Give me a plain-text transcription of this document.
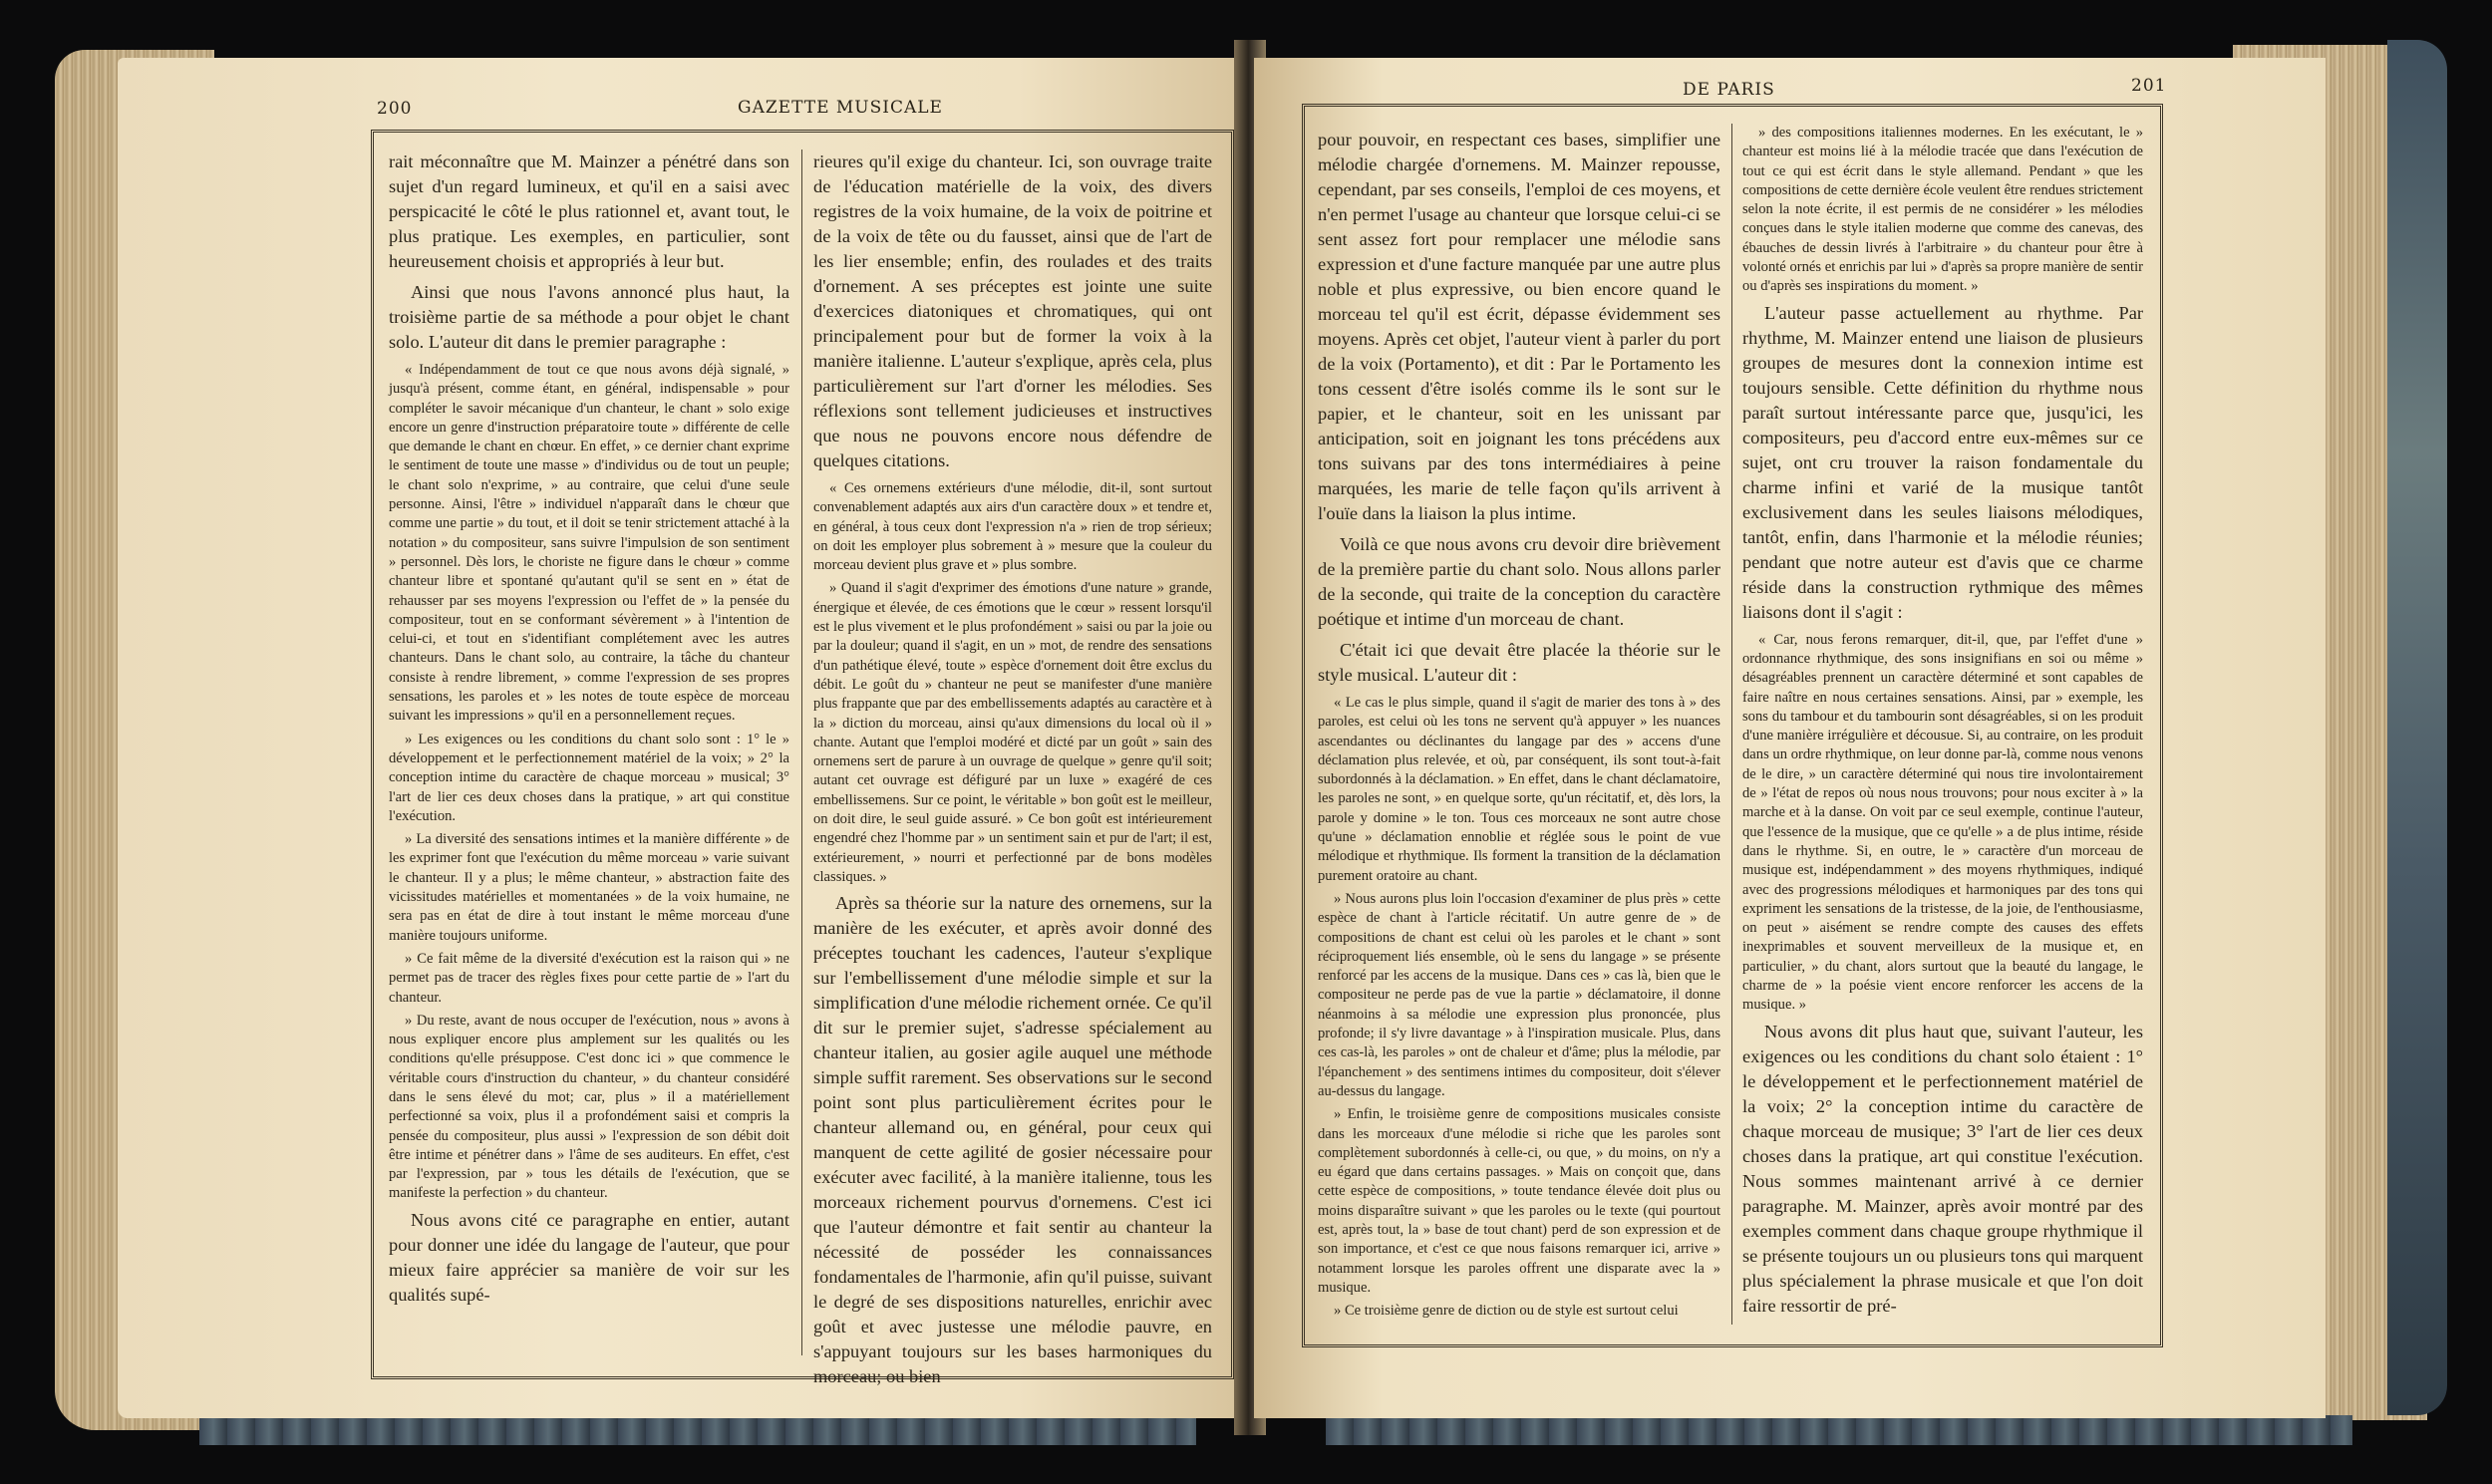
200	GAZETTE MUSICALE

rait méconnaître que M. Mainzer a pénétré dans son sujet d'un regard lumineux, et qu'il en a saisi avec perspicacité le côté le plus rationnel et, avant tout, le plus pratique. Les exemples, en particulier, sont heureusement choisis et appropriés à leur but.

Ainsi que nous l'avons annoncé plus haut, la troisième partie de sa méthode a pour objet le chant solo. L'auteur dit dans le premier paragraphe :

« Indépendamment de tout ce que nous avons déjà signalé, » jusqu'à présent, comme étant, en général, indispensable » pour compléter le savoir mécanique d'un chanteur, le chant » solo exige encore un genre d'instruction préparatoire toute » différente de celle que demande le chant en chœur. En effet, » ce dernier chant exprime le sentiment de toute une masse » d'individus ou de tout un peuple; le chant solo n'exprime, » au contraire, que celui d'une seule personne. Ainsi, l'être » individuel n'apparaît dans le chœur que comme une partie » du tout, et il doit se tenir strictement attaché à la notation » du compositeur, sans suivre l'impulsion de son sentiment » personnel. Dès lors, le choriste ne figure dans le chœur » comme chanteur libre et spontané qu'autant qu'il se sent en » état de rehausser par ses moyens l'expression ou l'effet de » la pensée du compositeur, tout en se conformant sévèrement » à l'intention de celui-ci, et tout en s'identifiant complétement avec les autres chanteurs. Dans le chant solo, au contraire, la tâche du chanteur consiste à rendre librement, » comme l'expression de ses propres sensations, les paroles et » les notes de toute espèce de morceau suivant les impressions » qu'il en a personnellement reçues.

» Les exigences ou les conditions du chant solo sont : 1° le » développement et le perfectionnement matériel de la voix; » 2° la conception intime du caractère de chaque morceau » musical; 3° l'art de lier ces deux choses dans la pratique, » art qui constitue l'exécution.

» La diversité des sensations intimes et la manière différente » de les exprimer font que l'exécution du même morceau » varie suivant le chanteur. Il y a plus; le même chanteur, » abstraction faite des vicissitudes matérielles et momentanées » de la voix humaine, ne sera pas en état de dire à tout instant le même morceau d'une manière toujours uniforme.

» Ce fait même de la diversité d'exécution est la raison qui » ne permet pas de tracer des règles fixes pour cette partie de » l'art du chanteur.

» Du reste, avant de nous occuper de l'exécution, nous » avons à nous expliquer encore plus amplement sur les qualités ou les conditions qu'elle présuppose. C'est donc ici » que commence le véritable cours d'instruction du chanteur, » du chanteur considéré dans le sens élevé du mot; car, plus » il a matériellement perfectionné sa voix, plus il a profondément saisi et compris la pensée du compositeur, plus aussi » l'expression de son débit doit être intime et pénétrer dans » l'âme de ses auditeurs. En effet, c'est par l'expression, par » tous les détails de l'exécution, que se manifeste la perfection » du chanteur.

Nous avons cité ce paragraphe en entier, autant pour donner une idée du langage de l'auteur, que pour mieux faire apprécier sa manière de voir sur les qualités supé-

rieures qu'il exige du chanteur. Ici, son ouvrage traite de l'éducation matérielle de la voix, des divers registres de la voix humaine, de la voix de poitrine et de la voix de tête ou du fausset, ainsi que de l'art de les lier ensemble; enfin, des roulades et des traits d'ornement. A ses préceptes est jointe une suite d'exercices diatoniques et chromatiques, qui ont principalement pour but de former la voix à la manière italienne. L'auteur s'explique, après cela, plus particulièrement sur l'art d'orner les mélodies. Ses réflexions sont tellement judicieuses et instructives que nous ne pouvons encore nous défendre de quelques citations.

« Ces ornemens extérieurs d'une mélodie, dit-il, sont surtout convenablement adaptés aux airs d'un caractère doux » et tendre et, en général, à tous ceux dont l'expression n'a » rien de trop sérieux; on doit les employer plus sobrement à » mesure que la couleur du morceau devient plus grave et » plus sombre.

» Quand il s'agit d'exprimer des émotions d'une nature » grande, énergique et élevée, de ces émotions que le cœur » ressent lorsqu'il est le plus vivement et le plus profondément » saisi ou par la joie ou par la douleur; quand il s'agit, en un » mot, de rendre des sensations d'un pathétique élevé, toute » espèce d'ornement doit être exclus du débit. Le goût du » chanteur ne peut se manifester d'une manière plus frappante que par des embellissements adaptés au caractère et à la » diction du morceau, ainsi qu'aux dimensions du local où il » chante. Autant que l'emploi modéré et dicté par un goût » sain des ornemens sert de parure à un ouvrage de quelque » genre qu'il soit; autant cet ouvrage est défiguré par un luxe » exagéré de ces embellissemens. Sur ce point, le véritable » bon goût est le meilleur, on doit dire, le seul guide assuré. » Ce bon goût est intérieurement engendré chez l'homme par » un sentiment sain et pur de l'art; il est, extérieurement, » nourri et perfectionné par de bons modèles classiques. »

Après sa théorie sur la nature des ornemens, sur la manière de les exécuter, et après avoir donné des préceptes touchant les cadences, l'auteur s'explique sur l'embellissement d'une mélodie simple et sur la simplification d'une mélodie richement ornée. Ce qu'il dit sur le premier sujet, s'adresse spécialement au chanteur italien, au gosier agile auquel une méthode simple suffit rarement. Ses observations sur le second point sont plus particulièrement écrites pour le chanteur allemand ou, en général, pour ceux qui manquent de cette agilité de gosier nécessaire pour exécuter avec facilité, à la manière italienne, tous les morceaux richement pourvus d'ornemens. C'est ici que l'auteur démontre et fait sentir au chanteur la nécessité de posséder les connaissances fondamentales de l'harmonie, afin qu'il puisse, suivant le degré de ses dispositions naturelles, enrichir avec goût et avec justesse une mélodie pauvre, en s'appuyant toujours sur les bases harmoniques du morceau; ou bien

DE PARIS	201

pour pouvoir, en respectant ces bases, simplifier une mélodie chargée d'ornemens. M. Mainzer repousse, cependant, par ses conseils, l'emploi de ces moyens, et n'en permet l'usage au chanteur que lorsque celui-ci se sent assez fort pour remplacer une mélodie sans expression et d'une facture manquée par une autre plus noble et plus expressive, ou bien encore quand le morceau tel qu'il est écrit, dépasse évidemment ses moyens. Après cet objet, l'auteur vient à parler du port de la voix (Portamento), et dit : Par le Portamento les tons cessent d'être isolés comme ils le sont sur le papier, et le chanteur, soit en les unissant par anticipation, soit en joignant les tons précédens aux tons suivans par des tons intermédiaires à peine marquées, les marie de telle façon qu'ils arrivent à l'ouïe dans la liaison la plus intime.

Voilà ce que nous avons cru devoir dire brièvement de la première partie du chant solo. Nous allons parler de la seconde, qui traite de la conception du caractère poétique et intime d'un morceau de chant.

C'était ici que devait être placée la théorie sur le style musical. L'auteur dit :

« Le cas le plus simple, quand il s'agit de marier des tons à » des paroles, est celui où les tons ne servent qu'à appuyer » les nuances ascendantes ou déclinantes du langage par des » accens d'une déclamation plus relevée, et où, par conséquent, ils sont tout-à-fait subordonnés à la déclamation. » En effet, dans le chant déclamatoire, les paroles ne sont, » en quelque sorte, qu'un récitatif, et, dès lors, la parole y domine » le ton. Tous ces morceaux ne sont autre chose qu'une » déclamation ennoblie et réglée sous le point de vue mélodique et rhythmique. Ils forment la transition de la déclamation purement oratoire au chant.

» Nous aurons plus loin l'occasion d'examiner de plus près » cette espèce de chant à l'article récitatif. Un autre genre de » de compositions de chant est celui où les paroles et le chant » sont réciproquement liés ensemble, où le sens du langage » se présente renforcé par les accens de la musique. Dans ces » cas là, bien que le compositeur ne perde pas de vue la partie » déclamatoire, il donne néanmoins à sa mélodie une expression plus prononcée, plus profonde; il s'y livre davantage » à l'inspiration musicale. Plus, dans ces cas-là, les paroles » ont de chaleur et d'âme; plus la mélodie, par l'épanchement » des sentimens intimes du compositeur, doit s'élever au-dessus du langage.

» Enfin, le troisième genre de compositions musicales consiste dans les morceaux d'une mélodie si riche que les paroles sont complètement subordonnés à celle-ci, ou que, » du moins, on n'y a eu égard que dans certains passages. » Mais on conçoit que, dans cette espèce de compositions, » toute tendance élevée doit plus ou moins disparaître suivant » que les paroles ou le texte (qui pourtout est, après tout, la » base de tout chant) perd de son expression et de son importance, et c'est ce que nous faisons remarquer ici, arrive » notamment lorsque les paroles offrent une disparate avec la » musique.

» Ce troisième genre de diction ou de style est surtout celui

» des compositions italiennes modernes. En les exécutant, le » chanteur est moins lié à la mélodie tracée que dans l'exécution de tout ce qui est écrit dans le style allemand. Pendant » que les compositions de cette dernière école veulent être rendues strictement selon la note écrite, il est permis de ne considérer » les mélodies conçues dans le style italien moderne que comme des canevas, des ébauches de dessin livrés à l'arbitraire » du chanteur pour être à volonté ornés et enrichis par lui » d'après sa propre manière de sentir ou d'après ses inspirations du moment. »

L'auteur passe actuellement au rhythme. Par rhythme, M. Mainzer entend une liaison de plusieurs groupes de mesures dont la connexion intime est toujours sensible. Cette définition du rhythme nous paraît surtout intéressante parce que, jusqu'ici, les compositeurs, peu d'accord entre eux-mêmes sur ce sujet, ont cru trouver la raison fondamentale du charme infini et varié de la musique tantôt exclusivement dans les seules liaisons mélodiques, tantôt, enfin, dans l'harmonie et la mélodie réunies; pendant que notre auteur est d'avis que ce charme réside dans la construction rythmique des mêmes liaisons dont il s'agit :

« Car, nous ferons remarquer, dit-il, que, par l'effet d'une » ordonnance rhythmique, des sons insignifians en soi ou même » désagréables prennent un caractère déterminé et sont capables de faire naître en nous certaines sensations. Ainsi, par » exemple, les sons du tambour et du tambourin sont désagréables, si on les produit d'une manière irrégulière et décousue. Si, au contraire, on les produit dans un ordre rhythmique, on leur donne par-là, comme nous venons de le dire, » un caractère déterminé qui nous tire involontairement de » l'état de repos où nous nous trouvons; pour nous exciter à » la marche et à la danse. On voit par ce seul exemple, continue l'auteur, que l'essence de la musique, que ce qu'elle » a de plus intime, réside dans le rhythme. Si, en outre, le » caractère d'un morceau de musique est, indépendamment » des moyens rhythmiques, indiqué avec des progressions mélodiques et harmoniques par des tons qui expriment les sensations de la tristesse, de la joie, de l'enthousiasme, on peut » aisément se rendre compte des causes des effets inexprimables et souvent merveilleux de la musique et, en particulier, » du chant, alors surtout que la beauté du langage, le charme de » la poésie vient encore renforcer les accens de la musique. »

Nous avons dit plus haut que, suivant l'auteur, les exigences ou les conditions du chant solo étaient : 1° le développement et le perfectionnement matériel de la voix; 2° la conception intime du caractère de chaque morceau de musique; 3° l'art de lier ces deux choses dans la pratique, art qui constitue l'exécution. Nous sommes maintenant arrivé à ce dernier paragraphe. M. Mainzer, après avoir montré par des exemples comment dans chaque groupe rhythmique il se présente toujours un ou plusieurs tons qui marquent plus spécialement la phrase musicale et que l'on doit faire ressortir de pré-
